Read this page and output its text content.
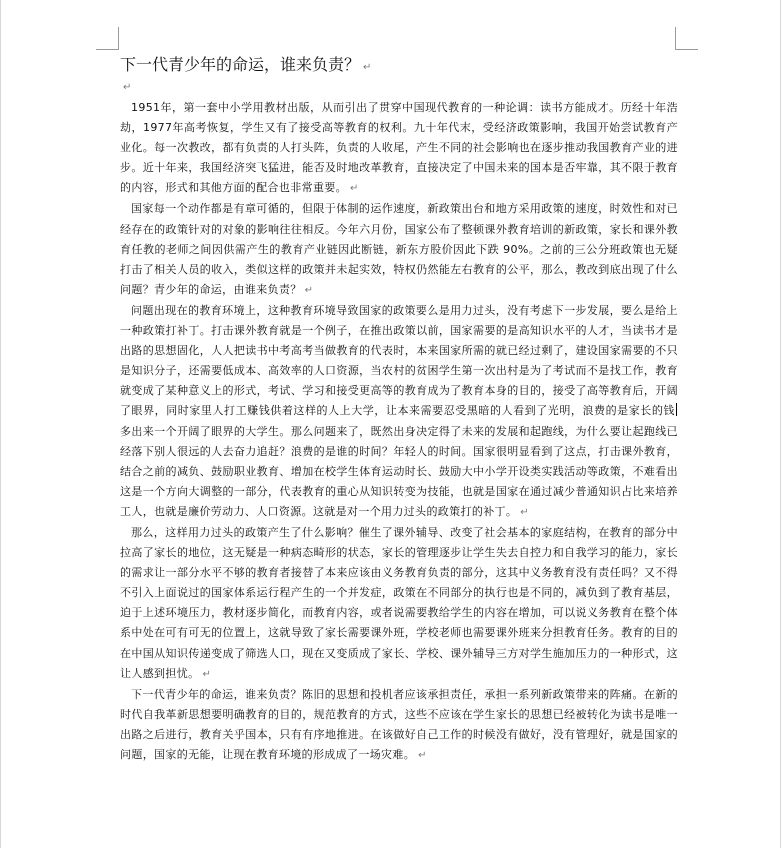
下一代青少年的命运，谁来负责？ ↵
↵

1951年，第一套中小学用教材出版，从而引出了贯穿中国现代教育的一种论调：读书方能成才。历经十年浩劫，1977年高考恢复，学生又有了接受高等教育的权利。九十年代末，受经济政策影响，我国开始尝试教育产业化。每一次教改，都有负责的人打头阵，负责的人收尾，产生不同的社会影响也在逐步推动我国教育产业的进步。近十年来，我国经济突飞猛进，能否及时地改革教育，直接决定了中国未来的国本是否牢靠，其不限于教育的内容，形式和其他方面的配合也非常重要。 ↵

国家每一个动作都是有章可循的，但限于体制的运作速度，新政策出台和地方采用政策的速度，时效性和对已经存在的政策针对的对象的影响往往相反。今年六月份，国家公布了整顿课外教育培训的新政策，家长和课外教育任教的老师之间因供需产生的教育产业链因此断链，新东方股价因此下跌 90%。之前的三公分班政策也无疑打击了相关人员的收入，类似这样的政策并未起实效，特权仍然能左右教育的公平，那么，教改到底出现了什么问题？青少年的命运，由谁来负责？ ↵

问题出现在的教育环境上，这种教育环境导致国家的政策要么是用力过头，没有考虑下一步发展，要么是给上一种政策打补丁。打击课外教育就是一个例子，在推出政策以前，国家需要的是高知识水平的人才，当读书才是出路的思想固化，人人把读书中考高考当做教育的代表时，本来国家所需的就已经过剩了，建设国家需要的不只是知识分子，还需要低成本、高效率的人口资源，当农村的贫困学生第一次出村是为了考试而不是找工作，教育就变成了某种意义上的形式，考试、学习和接受更高等的教育成为了教育本身的目的，接受了高等教育后，开阔了眼界，同时家里人打工赚钱供着这样的人上大学，让本来需要忍受黑暗的人看到了光明，浪费的是家长的钱多出来一个开阔了眼界的大学生。那么问题来了，既然出身决定得了未来的发展和起跑线，为什么要让起跑线已经落下别人很远的人去奋力追赶？浪费的是谁的时间？年轻人的时间。国家很明显看到了这点，打击课外教育，结合之前的减负、鼓励职业教育、增加在校学生体育运动时长、鼓励大中小学开设类实践活动等政策，不难看出这是一个方向大调整的一部分，代表教育的重心从知识转变为技能，也就是国家在通过减少普通知识占比来培养工人，也就是廉价劳动力、人口资源。这就是对一个用力过头的政策打的补丁。 ↵

那么，这样用力过头的政策产生了什么影响？催生了课外辅导、改变了社会基本的家庭结构，在教育的部分中拉高了家长的地位，这无疑是一种病态畸形的状态，家长的管理逐步让学生失去自控力和自我学习的能力，家长的需求让一部分水平不够的教育者接替了本来应该由义务教育负责的部分，这其中义务教育没有责任吗？又不得不引入上面说过的国家体系运行程产生的一个并发症，政策在不同部分的执行也是不同的，减负到了教育基层，迫于上述环境压力，教材逐步简化，而教育内容，或者说需要教给学生的内容在增加，可以说义务教育在整个体系中处在可有可无的位置上，这就导致了家长需要课外班，学校老师也需要课外班来分担教育任务。教育的目的在中国从知识传递变成了筛选人口，现在又变质成了家长、学校、课外辅导三方对学生施加压力的一种形式，这让人感到担忧。 ↵

下一代青少年的命运，谁来负责？陈旧的思想和投机者应该承担责任，承担一系列新政策带来的阵痛。在新的时代自我革新思想要明确教育的目的，规范教育的方式，这些不应该在学生家长的思想已经被转化为读书是唯一出路之后进行，教育关乎国本，只有有序地推进。在该做好自己工作的时候没有做好，没有管理好，就是国家的问题，国家的无能，让现在教育环境的形成成了一场灾难。 ↵
